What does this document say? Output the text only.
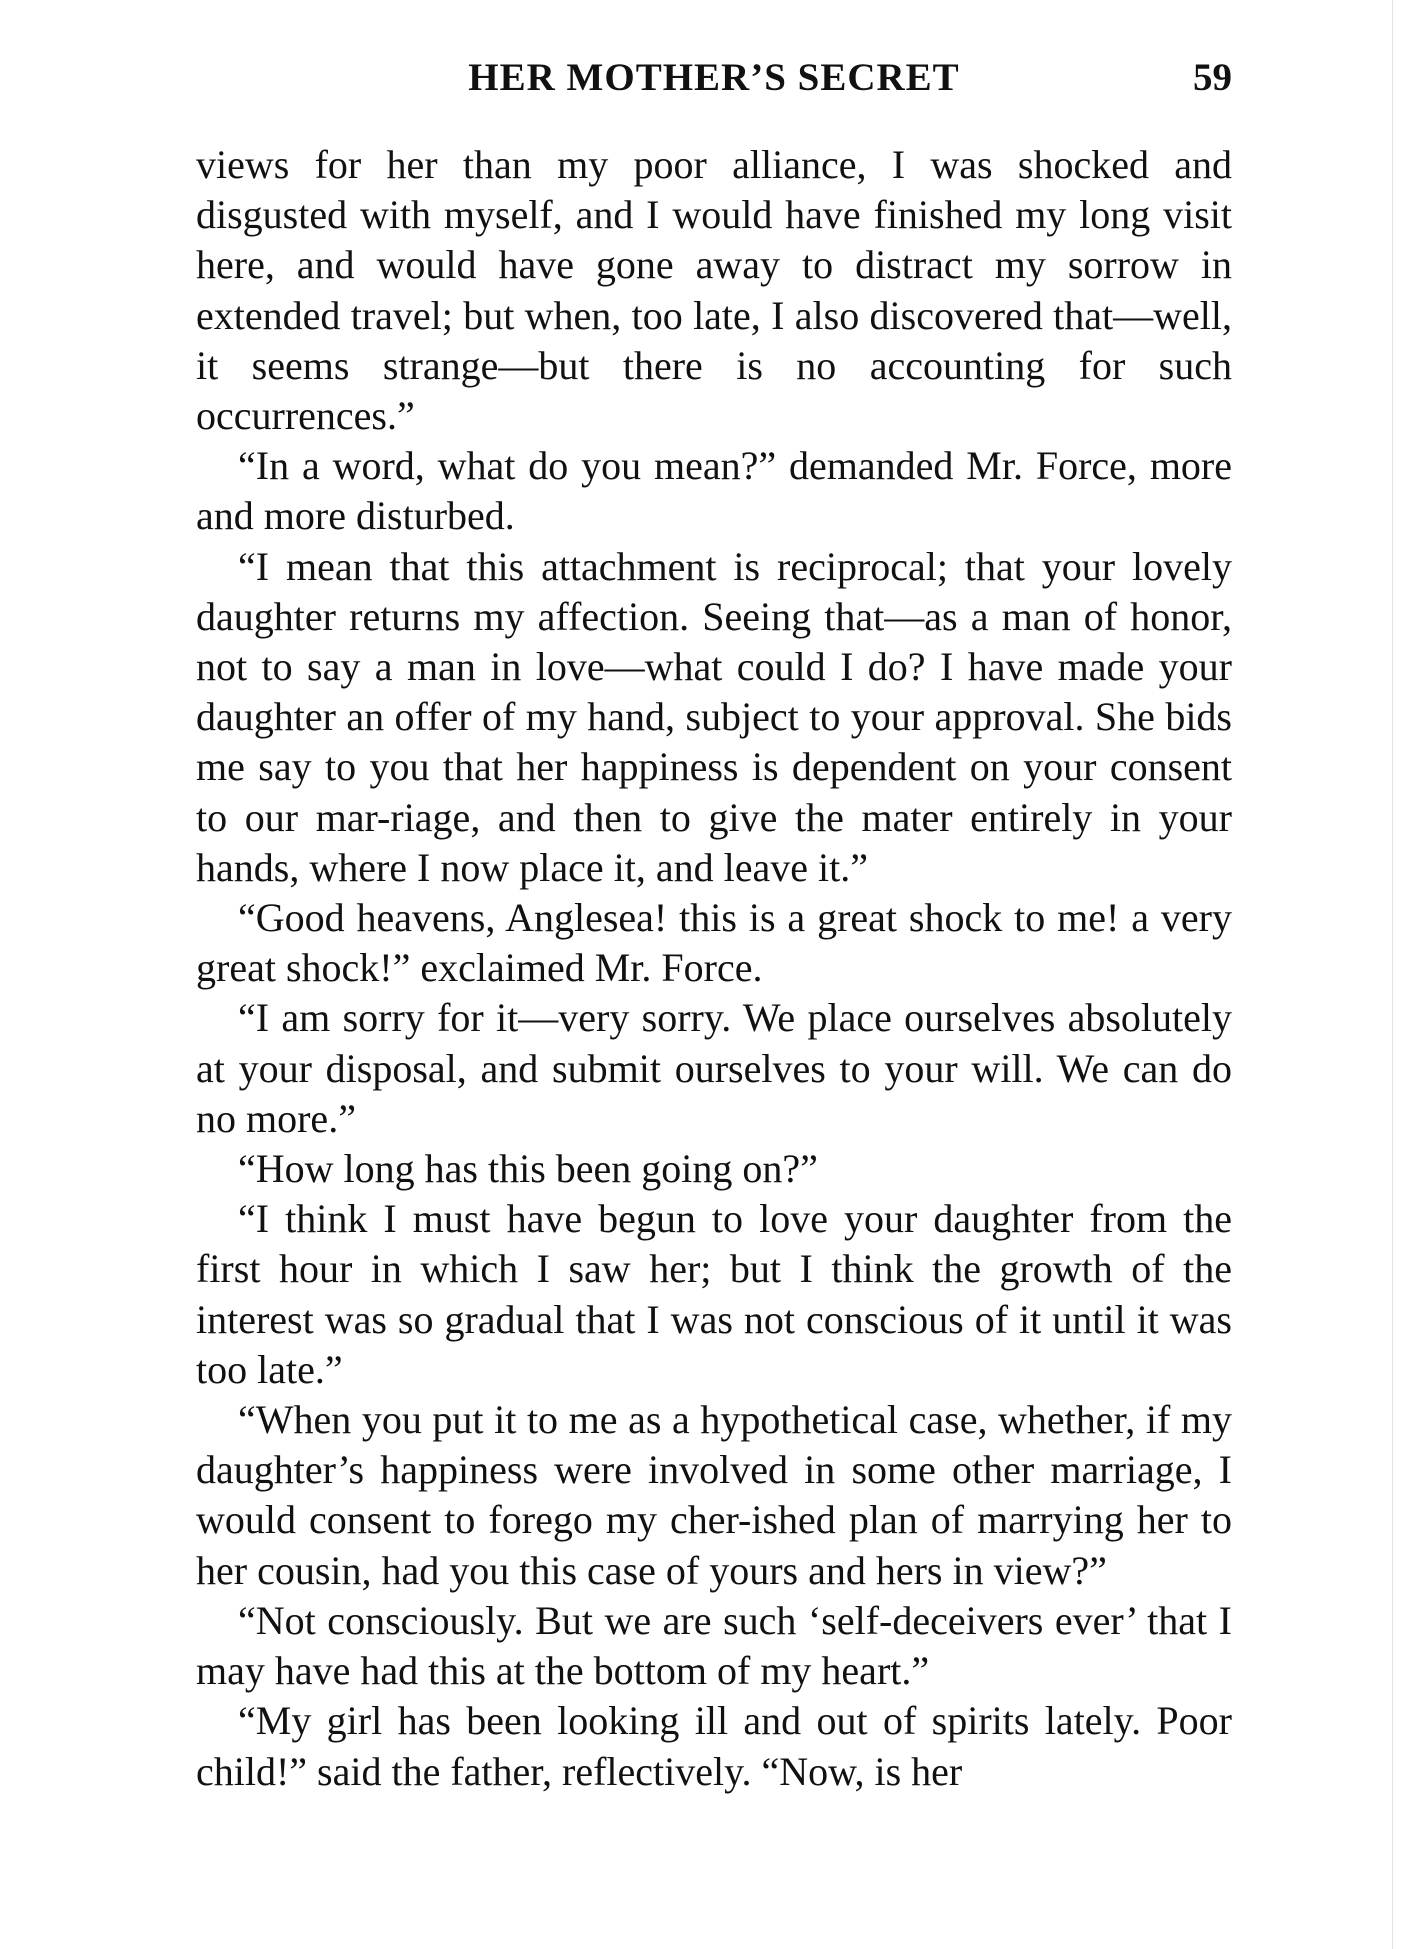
HER MOTHER’S SECRET	59

views for her than my poor alliance, I was shocked and disgusted with myself, and I would have finished my long visit here, and would have gone away to distract my sorrow in extended travel; but when, too late, I also discovered that—well, it seems strange—but there is no accounting for such occurrences.”

“In a word, what do you mean?” demanded Mr. Force, more and more disturbed.

“I mean that this attachment is reciprocal; that your lovely daughter returns my affection. Seeing that—as a man of honor, not to say a man in love—what could I do? I have made your daughter an offer of my hand, subject to your approval. She bids me say to you that her happiness is dependent on your consent to our mar-riage, and then to give the mater entirely in your hands, where I now place it, and leave it.”

“Good heavens, Anglesea! this is a great shock to me! a very great shock!” exclaimed Mr. Force.

“I am sorry for it—very sorry. We place ourselves absolutely at your disposal, and submit ourselves to your will. We can do no more.”

“How long has this been going on?”

“I think I must have begun to love your daughter from the first hour in which I saw her; but I think the growth of the interest was so gradual that I was not conscious of it until it was too late.”

“When you put it to me as a hypothetical case, whether, if my daughter’s happiness were involved in some other marriage, I would consent to forego my cher-ished plan of marrying her to her cousin, had you this case of yours and hers in view?”

“Not consciously. But we are such ‘self-deceivers ever’ that I may have had this at the bottom of my heart.”

“My girl has been looking ill and out of spirits lately. Poor child!” said the father, reflectively. “Now, is her
